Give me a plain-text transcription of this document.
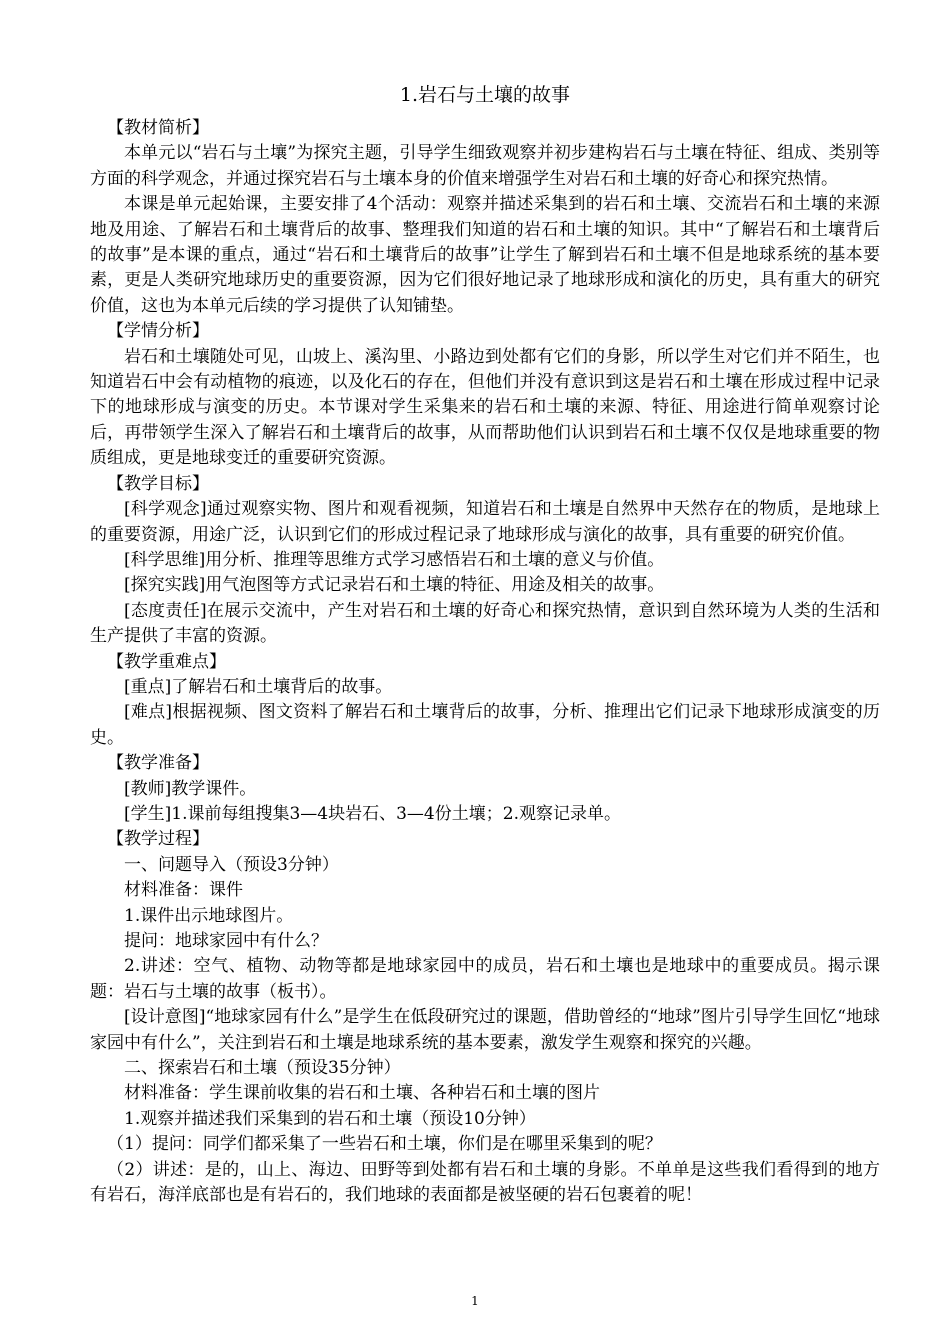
1.岩石与土壤的故事

【教材简析】

本单元以“岩石与土壤”为探究主题，引导学生细致观察并初步建构岩石与土壤在特征、组成、类别等方面的科学观念，并通过探究岩石与土壤本身的价值来增强学生对岩石和土壤的好奇心和探究热情。

本课是单元起始课，主要安排了4个活动：观察并描述采集到的岩石和土壤、交流岩石和土壤的来源地及用途、了解岩石和土壤背后的故事、整理我们知道的岩石和土壤的知识。其中“了解岩石和土壤背后的故事”是本课的重点，通过“岩石和土壤背后的故事”让学生了解到岩石和土壤不但是地球系统的基本要素，更是人类研究地球历史的重要资源，因为它们很好地记录了地球形成和演化的历史，具有重大的研究价值，这也为本单元后续的学习提供了认知铺垫。

【学情分析】

岩石和土壤随处可见，山坡上、溪沟里、小路边到处都有它们的身影，所以学生对它们并不陌生，也知道岩石中会有动植物的痕迹，以及化石的存在，但他们并没有意识到这是岩石和土壤在形成过程中记录下的地球形成与演变的历史。本节课对学生采集来的岩石和土壤的来源、特征、用途进行简单观察讨论后，再带领学生深入了解岩石和土壤背后的故事，从而帮助他们认识到岩石和土壤不仅仅是地球重要的物质组成，更是地球变迁的重要研究资源。

【教学目标】

[科学观念]通过观察实物、图片和观看视频，知道岩石和土壤是自然界中天然存在的物质，是地球上的重要资源，用途广泛，认识到它们的形成过程记录了地球形成与演化的故事，具有重要的研究价值。

[科学思维]用分析、推理等思维方式学习感悟岩石和土壤的意义与价值。

[探究实践]用气泡图等方式记录岩石和土壤的特征、用途及相关的故事。

[态度责任]在展示交流中，产生对岩石和土壤的好奇心和探究热情，意识到自然环境为人类的生活和生产提供了丰富的资源。

【教学重难点】

[重点]了解岩石和土壤背后的故事。

[难点]根据视频、图文资料了解岩石和土壤背后的故事，分析、推理出它们记录下地球形成演变的历史。

【教学准备】

[教师]教学课件。

[学生]1.课前每组搜集3—4块岩石、3—4份土壤；2.观察记录单。

【教学过程】

一、问题导入（预设3分钟）

材料准备：课件

1.课件出示地球图片。

提问：地球家园中有什么？

2.讲述：空气、植物、动物等都是地球家园中的成员，岩石和土壤也是地球中的重要成员。揭示课题：岩石与土壤的故事（板书）。

[设计意图]“地球家园有什么”是学生在低段研究过的课题，借助曾经的“地球”图片引导学生回忆“地球家园中有什么”，关注到岩石和土壤是地球系统的基本要素，激发学生观察和探究的兴趣。

二、探索岩石和土壤（预设35分钟）

材料准备：学生课前收集的岩石和土壤、各种岩石和土壤的图片

1.观察并描述我们采集到的岩石和土壤（预设10分钟）

（1）提问：同学们都采集了一些岩石和土壤，你们是在哪里采集到的呢？

（2）讲述：是的，山上、海边、田野等到处都有岩石和土壤的身影。不单单是这些我们看得到的地方有岩石，海洋底部也是有岩石的，我们地球的表面都是被坚硬的岩石包裹着的呢！

1
